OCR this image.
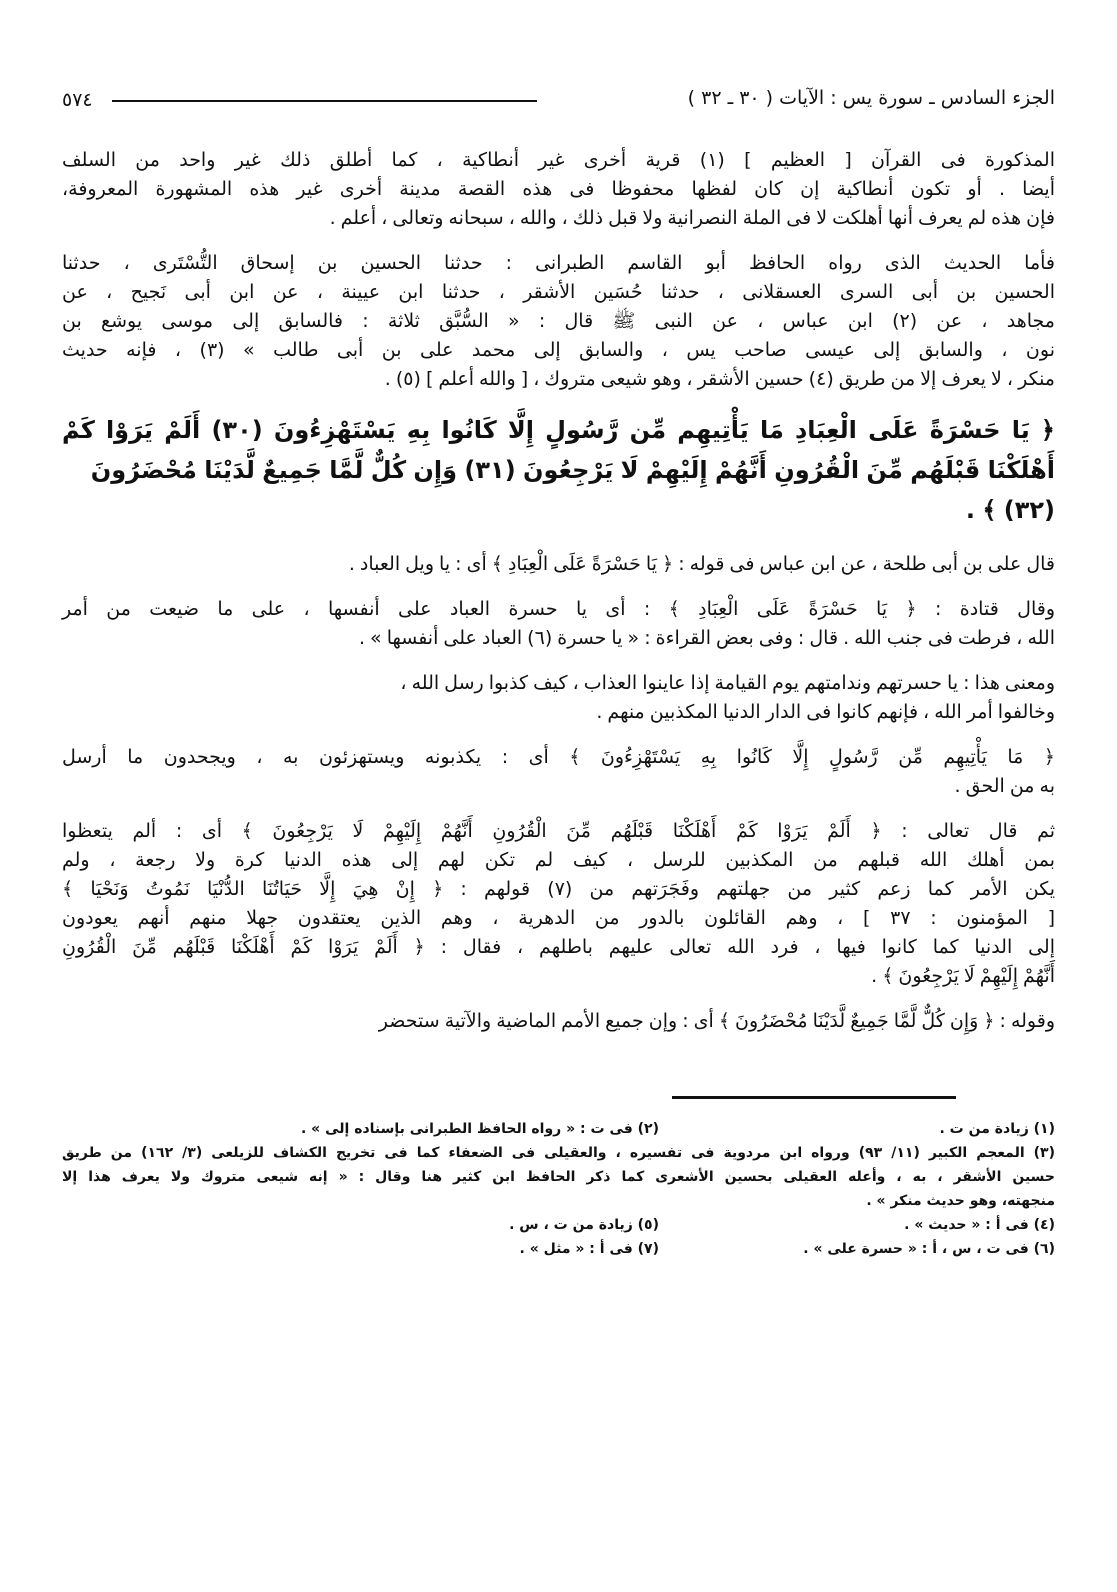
الجزء السادس ـ سورة يس : الآيات ( ٣٠ ـ ٣٢ )
٥٧٤
المذكورة فى القرآن [ العظيم ] (١) قرية أخرى غير أنطاكية ، كما أطلق ذلك غير واحد من السلف
أيضا . أو تكون أنطاكية إن كان لفظها محفوظا فى هذه القصة مدينة أخرى غير هذه المشهورة المعروفة،
فإن هذه لم يعرف أنها أهلكت لا فى الملة النصرانية ولا قبل ذلك ، والله ، سبحانه وتعالى ، أعلم .
فأما الحديث الذى رواه الحافظ أبو القاسم الطبرانى : حدثنا الحسين بن إسحاق التُّسْتَرى ، حدثنا
الحسين بن أبى السرى العسقلانى ، حدثنا حُسَين الأشقر ، حدثنا ابن عيينة ، عن ابن أبى نَجيح ، عن
مجاهد ، عن (٢) ابن عباس ، عن النبى ﷺ قال : « السُّبَّق ثلاثة : فالسابق إلى موسى يوشع بن
نون ، والسابق إلى عيسى صاحب يس ، والسابق إلى محمد على بن أبى طالب » (٣) ، فإنه حديث
منكر ، لا يعرف إلا من طريق (٤) حسين الأشقر ، وهو شيعى متروك ، [ والله أعلم ] (٥) .
﴿ يَا حَسْرَةً عَلَى الْعِبَادِ مَا يَأْتِيهِم مِّن رَّسُولٍ إِلَّا كَانُوا بِهِ يَسْتَهْزِءُونَ (٣٠) أَلَمْ يَرَوْا كَمْ
أَهْلَكْنَا قَبْلَهُم مِّنَ الْقُرُونِ أَنَّهُمْ إِلَيْهِمْ لَا يَرْجِعُونَ (٣١) وَإِن كُلٌّ لَّمَّا جَمِيعٌ لَّدَيْنَا مُحْضَرُونَ (٣٢) ﴾ .
قال على بن أبى طلحة ، عن ابن عباس فى قوله : ﴿ يَا حَسْرَةً عَلَى الْعِبَادِ ﴾ أى : يا ويل العباد .
وقال قتادة : ﴿ يَا حَسْرَةً عَلَى الْعِبَادِ ﴾ : أى يا حسرة العباد على أنفسها ، على ما ضيعت من أمر
الله ، فرطت فى جنب الله . قال : وفى بعض القراءة : « يا حسرة (٦) العباد على أنفسها » .
ومعنى هذا : يا حسرتهم وندامتهم يوم القيامة إذا عاينوا العذاب ، كيف كذبوا رسل الله ،
وخالفوا أمر الله ، فإنهم كانوا فى الدار الدنيا المكذبين منهم .
﴿ مَا يَأْتِيهِم مِّن رَّسُولٍ إِلَّا كَانُوا بِهِ يَسْتَهْزِءُونَ ﴾ أى : يكذبونه ويستهزئون به ، ويجحدون ما أرسل
به من الحق .
ثم قال تعالى : ﴿ أَلَمْ يَرَوْا كَمْ أَهْلَكْنَا قَبْلَهُم مِّنَ الْقُرُونِ أَنَّهُمْ إِلَيْهِمْ لَا يَرْجِعُونَ ﴾ أى : ألم يتعظوا
بمن أهلك الله قبلهم من المكذبين للرسل ، كيف لم تكن لهم إلى هذه الدنيا كرة ولا رجعة ، ولم
يكن الأمر كما زعم كثير من جهلتهم وفَجَرَتهم من (٧) قولهم : ﴿ إِنْ هِيَ إِلَّا حَيَاتُنَا الدُّنْيَا نَمُوتُ وَنَحْيَا ﴾
[ المؤمنون : ٣٧ ] ، وهم القائلون بالدور من الدهرية ، وهم الذين يعتقدون جهلا منهم أنهم يعودون
إلى الدنيا كما كانوا فيها ، فرد الله تعالى عليهم باطلهم ، فقال : ﴿ أَلَمْ يَرَوْا كَمْ أَهْلَكْنَا قَبْلَهُم مِّنَ الْقُرُونِ
أَنَّهُمْ إِلَيْهِمْ لَا يَرْجِعُونَ ﴾ .
وقوله : ﴿ وَإِن كُلٌّ لَّمَّا جَمِيعٌ لَّدَيْنَا مُحْضَرُونَ ﴾ أى : وإن جميع الأمم الماضية والآتية ستحضر
(١) زيادة من ت .
(٢) فى ت : « رواه الحافظ الطبرانى بإسناده إلى » .
(٣) المعجم الكبير (١١/ ٩٣) ورواه ابن مردوية فى تفسيره ، والعقيلى فى الضعفاء كما فى تخريج الكشاف للزيلعى (٣/ ١٦٢) من طريق
حسين الأشقر ، به ، وأعله العقيلى بحسين الأشعرى كما ذكر الحافظ ابن كثير هنا وقال : « إنه شيعى متروك ولا يعرف هذا إلا
منجهته، وهو حديث منكر » .
(٤) فى أ : « حديث » .
(٥) زيادة من ت ، س .
(٦) فى ت ، س ، أ : « حسرة على » .
(٧) فى أ : « مثل » .
